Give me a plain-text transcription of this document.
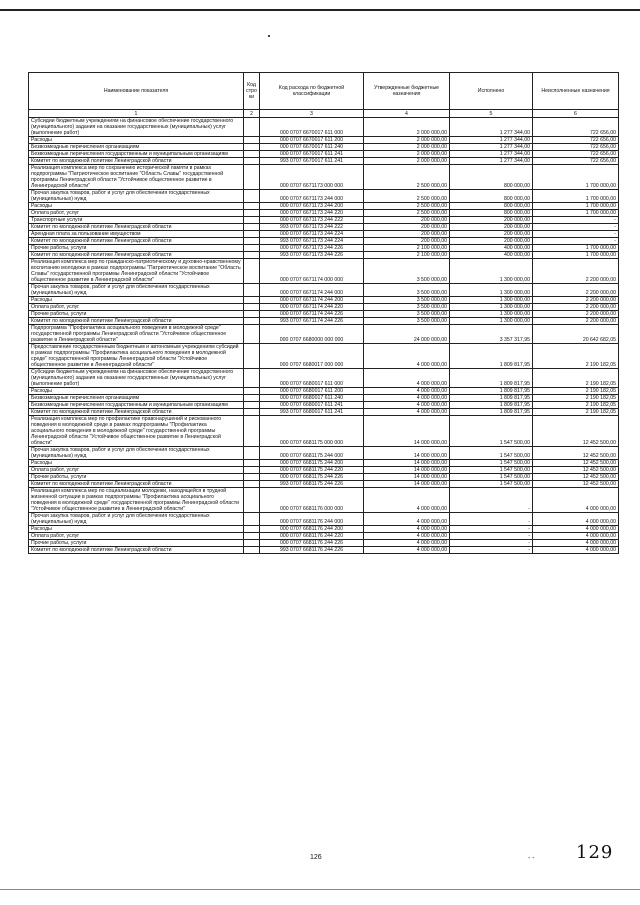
Наименование показателя	Код строки	Код расхода по бюджетной классификации	Утвержденные бюджетные назначения	Исполнено	Неисполненные назначения
1	2	3	4	5	6
Субсидии бюджетным учреждениям на финансовое обеспечение государственного (муниципального) задания на оказание государственных (муниципальных) услуг (выполнение работ)		000 0707 6670017 611 000	2 000 000,00	1 277 344,00	722 656,00
Расходы		000 0707 6670017 611 200	2 000 000,00	1 277 344,00	722 656,00
Безвозмездные перечисления организациям		000 0707 6670017 611 240	2 000 000,00	1 277 344,00	722 656,00
Безвозмездные перечисления государственным и муниципальным организациям		000 0707 6670017 611 241	2 000 000,00	1 277 344,00	722 656,00
Комитет по молодежной политике Ленинградской области		993 0707 6670017 611 241	2 000 000,00	1 277 344,00	722 656,00
Реализация комплекса мер по сохранению исторической памяти в рамках подпрограммы "Патриотическое воспитание "Область Славы" государственной программы Ленинградской области "Устойчивое общественное развитие в Ленинградской области"		000 0707 6671173 000 000	2 500 000,00	800 000,00	1 700 000,00
Прочая закупка товаров, работ и услуг для обеспечения государственных (муниципальных) нужд		000 0707 6671173 244 000	2 500 000,00	800 000,00	1 700 000,00
Расходы		000 0707 6671173 244 200	2 500 000,00	800 000,00	1 700 000,00
Оплата работ, услуг		000 0707 6671173 244 220	2 500 000,00	800 000,00	1 700 000,00
Транспортные услуги		000 0707 6671173 244 222	200 000,00	200 000,00	-
Комитет по молодежной политике Ленинградской области		993 0707 6671173 244 222	200 000,00	200 000,00	-
Арендная плата за пользование имуществом		000 0707 6671173 244 224	200 000,00	200 000,00	-
Комитет по молодежной политике Ленинградской области		993 0707 6671173 244 224	200 000,00	200 000,00	-
Прочие работы, услуги		000 0707 6671173 244 226	2 100 000,00	400 000,00	1 700 000,00
Комитет по молодежной политике Ленинградской области		993 0707 6671173 244 226	2 100 000,00	400 000,00	1 700 000,00
Реализация комплекса мер по гражданско-патриотическому и духовно-нравственному воспитанию молодежи в рамках подпрограммы "Патриотическое воспитание "Область Славы" государственной программы Ленинградской области "Устойчивое общественное развитие в Ленинградской области"		000 0707 6671174 000 000	3 500 000,00	1 300 000,00	2 200 000,00
Прочая закупка товаров, работ и услуг для обеспечения государственных (муниципальных) нужд		000 0707 6671174 244 000	3 500 000,00	1 300 000,00	2 200 000,00
Расходы		000 0707 6671174 244 200	3 500 000,00	1 300 000,00	2 200 000,00
Оплата работ, услуг		000 0707 6671174 244 220	3 500 000,00	1 300 000,00	2 200 000,00
Прочие работы, услуги		000 0707 6671174 244 226	3 500 000,00	1 300 000,00	2 200 000,00
Комитет по молодежной политике Ленинградской области		993 0707 6671174 244 226	3 500 000,00	1 300 000,00	2 200 000,00
Подпрограмма "Профилактика асоциального поведения в молодежной среде" государственной программы Ленинградской области "Устойчивое общественное развитие в Ленинградской области"		000 0707 6680000 000 000	24 000 000,00	3 357 317,95	20 642 682,05
Предоставление государственным бюджетным и автономным учреждениям субсидий в рамках подпрограммы "Профилактика асоциального поведения в молодежной среде" государственной программы Ленинградской области "Устойчивое общественное развитие в Ленинградской области"		000 0707 6680017 000 000	4 000 000,00	1 809 817,95	2 190 182,05
Субсидии бюджетным учреждениям на финансовое обеспечение государственного (муниципального) задания на оказание государственных (муниципальных) услуг (выполнение работ)		000 0707 6680017 611 000	4 000 000,00	1 809 817,95	2 190 182,05
Расходы		000 0707 6680017 611 200	4 000 000,00	1 809 817,95	2 190 182,05
Безвозмездные перечисления организациям		000 0707 6680017 611 240	4 000 000,00	1 809 817,95	2 190 182,05
Безвозмездные перечисления государственным и муниципальным организациям		000 0707 6680017 611 241	4 000 000,00	1 809 817,95	2 190 182,05
Комитет по молодежной политике Ленинградской области		993 0707 6680017 611 241	4 000 000,00	1 809 817,95	2 190 182,05
Реализация комплекса мер по профилактике правонарушений и рискованного поведения в молодежной среде в рамках подпрограммы "Профилактика асоциального поведения в молодежной среде" государственной программы Ленинградской области "Устойчивое общественное развитие в Ленинградской области"		000 0707 6681175 000 000	14 000 000,00	1 547 500,00	12 452 500,00
Прочая закупка товаров, работ и услуг для обеспечения государственных (муниципальных) нужд		000 0707 6681175 244 000	14 000 000,00	1 547 500,00	12 452 500,00
Расходы		000 0707 6681175 244 200	14 000 000,00	1 547 500,00	12 452 500,00
Оплата работ, услуг		000 0707 6681175 244 220	14 000 000,00	1 547 500,00	12 452 500,00
Прочие работы, услуги		000 0707 6681175 244 226	14 000 000,00	1 547 500,00	12 452 500,00
Комитет по молодежной политике Ленинградской области		993 0707 6681175 244 226	14 000 000,00	1 547 500,00	12 452 500,00
Реализация комплекса мер по социализации молодежи, находящейся в трудной жизненной ситуации в рамках подпрограммы "Профилактика асоциального поведения в молодежной среде" государственной программы Ленинградской области "Устойчивое общественное развитие в Ленинградской области"		000 0707 6681176 000 000	4 000 000,00	-	4 000 000,00
Прочая закупка товаров, работ и услуг для обеспечения государственных (муниципальных) нужд		000 0707 6681176 244 000	4 000 000,00	-	4 000 000,00
Расходы		000 0707 6681176 244 200	4 000 000,00	-	4 000 000,00
Оплата работ, услуг		000 0707 6681176 244 220	4 000 000,00	-	4 000 000,00
Прочие работы, услуги		000 0707 6681176 244 226	4 000 000,00	-	4 000 000,00
Комитет по молодежной политике Ленинградской области		993 0707 6681176 244 226	4 000 000,00	-	4 000 000,00
126	- - 129
